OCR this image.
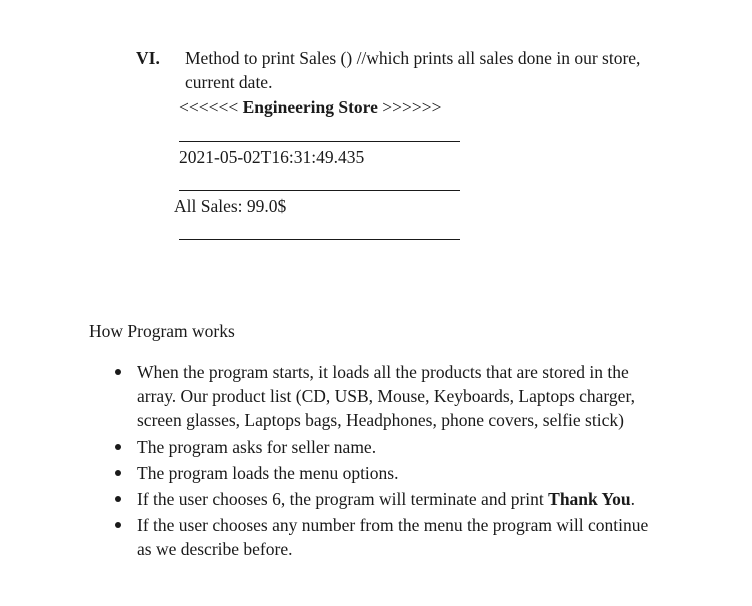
VI. Method to print Sales () //which prints all sales done in our store,
current date.
<<<<<< Engineering Store >>>>>>
2021-05-02T16:31:49.435
All Sales: 99.0$
How Program works
When the program starts, it loads all the products that are stored in the
array. Our product list (CD, USB, Mouse, Keyboards, Laptops charger,
screen glasses, Laptops bags, Headphones, phone covers, selfie stick)
The program asks for seller name.
The program loads the menu options.
If the user chooses 6, the program will terminate and print Thank You.
If the user chooses any number from the menu the program will continue
as we describe before.
